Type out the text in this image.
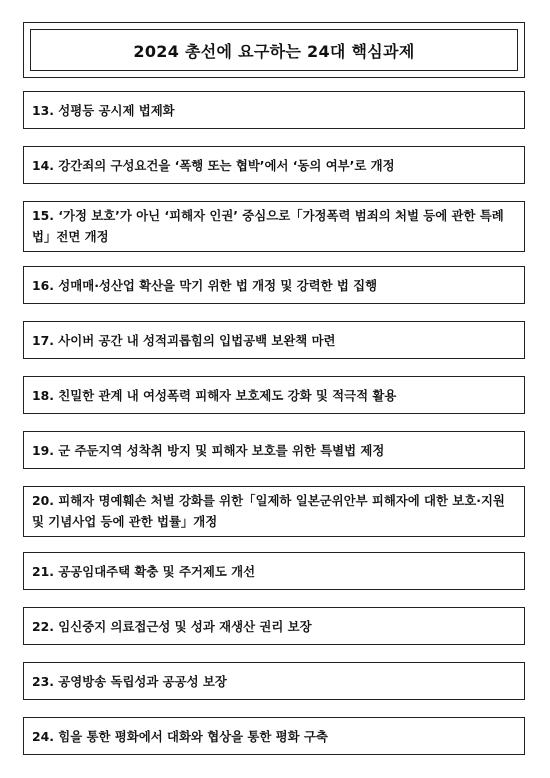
2024 총선에 요구하는 24대 핵심과제
13.
성평등 공시제 법제화
14.
강간죄의 구성요건을 ‘폭행 또는 협박’에서 ‘동의 여부’로 개정
15. ‘가정 보호’가 아닌 ‘피해자 인권’ 중심으로「가정폭력 범죄의 처벌 등에 관한 특례법」전면 개정
16.
성매매·성산업 확산을 막기 위한 법 개정 및 강력한 법 집행
17.
사이버 공간 내 성적괴롭힘의 입법공백 보완책 마련
18.
친밀한 관계 내 여성폭력 피해자 보호제도 강화 및 적극적 활용
19.
군 주둔지역 성착취 방지 및 피해자 보호를 위한 특별법 제정
20. 피해자 명예훼손 처벌 강화를 위한「일제하 일본군위안부 피해자에 대한 보호·지원 및 기념사업 등에 관한 법률」개정
21.
공공임대주택 확충 및 주거제도 개선
22.
임신중지 의료접근성 및 성과 재생산 권리 보장
23.
공영방송 독립성과 공공성 보장
24.
힘을 통한 평화에서 대화와 협상을 통한 평화 구축
